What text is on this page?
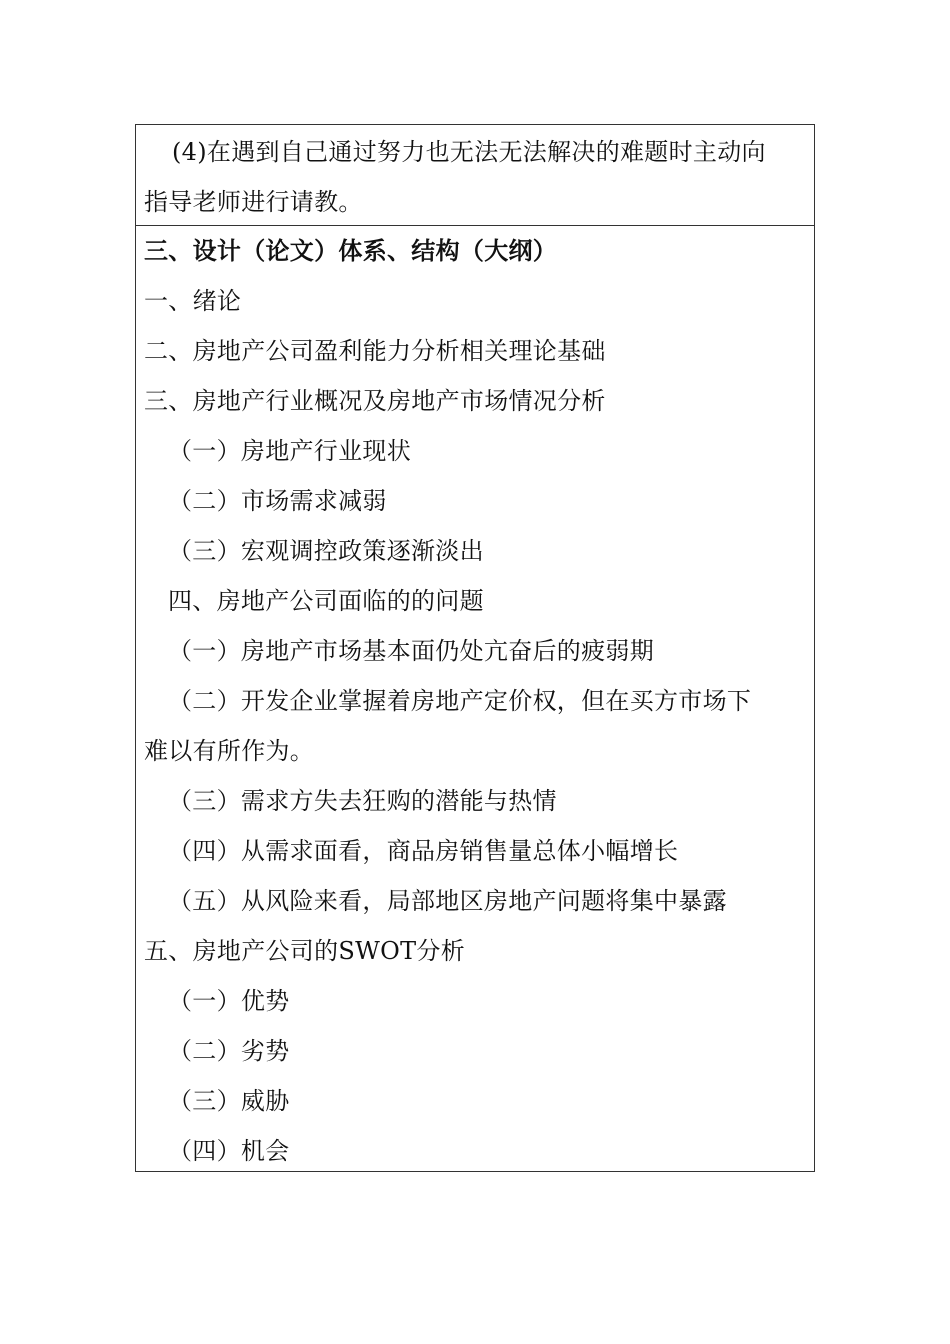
(4)在遇到自己通过努力也无法无法解决的难题时主动向
指导老师进行请教。
三、设计（论文）体系、结构（大纲）
一、绪论
二、房地产公司盈利能力分析相关理论基础
三、房地产行业概况及房地产市场情况分析
（一）房地产行业现状
（二）市场需求减弱
（三）宏观调控政策逐渐淡出
四、房地产公司面临的的问题
（一）房地产市场基本面仍处亢奋后的疲弱期
（二）开发企业掌握着房地产定价权，但在买方市场下
难以有所作为。
（三）需求方失去狂购的潜能与热情
（四）从需求面看，商品房销售量总体小幅增长
（五）从风险来看，局部地区房地产问题将集中暴露
五、房地产公司的SWOT分析
（一）优势
（二）劣势
（三）威胁
（四）机会
